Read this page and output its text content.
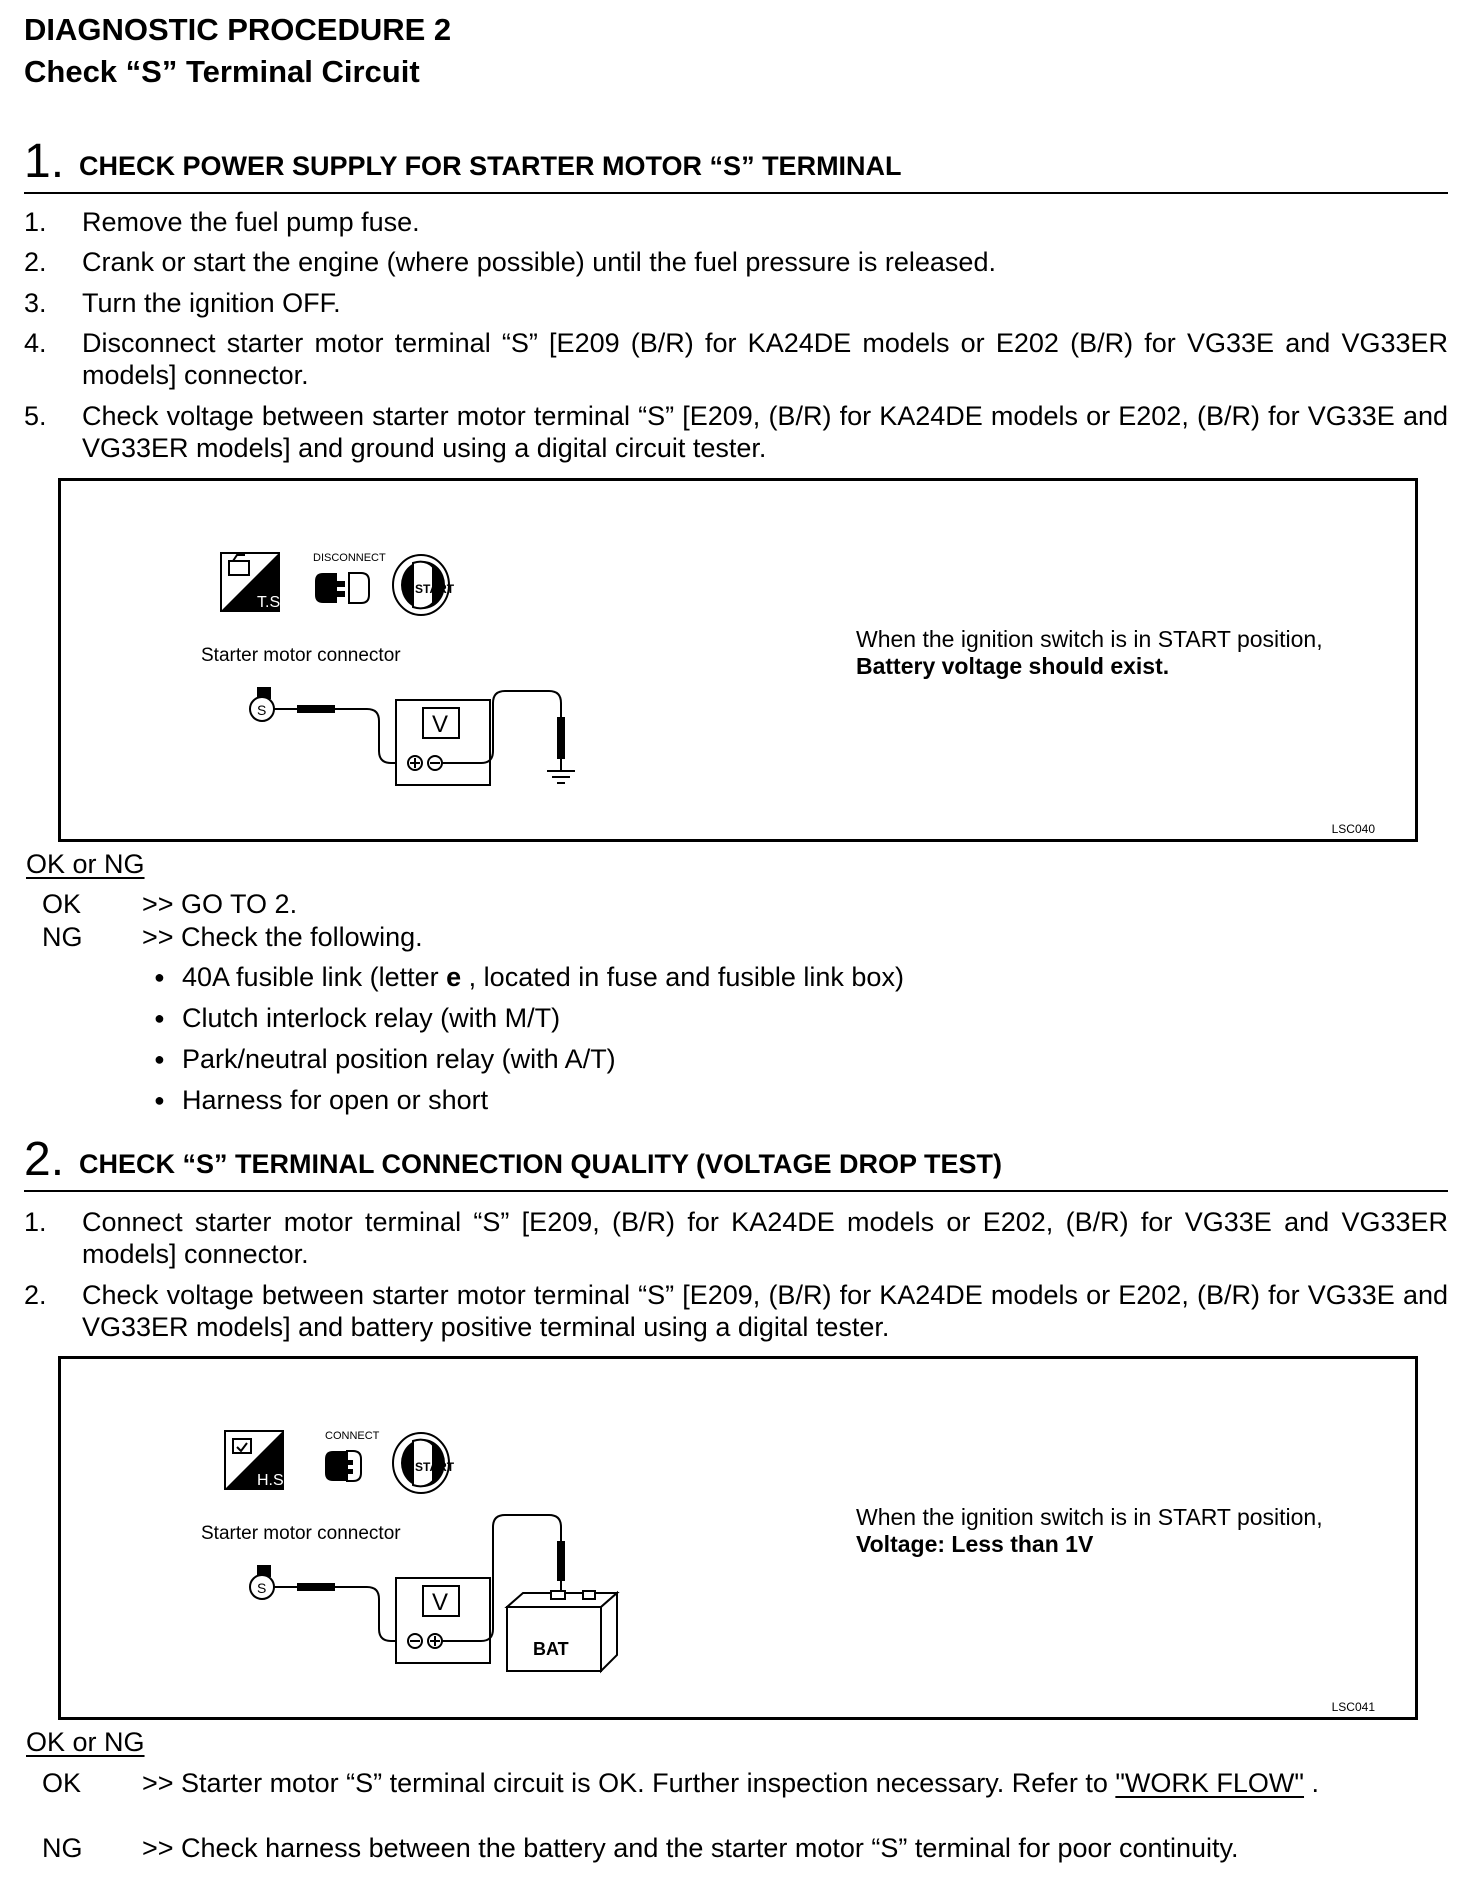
DIAGNOSTIC PROCEDURE 2
Check “S” Terminal Circuit
1. CHECK POWER SUPPLY FOR STARTER MOTOR “S” TERMINAL
1. Remove the fuel pump fuse.
2. Crank or start the engine (where possible) until the fuel pressure is released.
3. Turn the ignition OFF.
4. Disconnect starter motor terminal “S” [E209 (B/R) for KA24DE models or E202 (B/R) for VG33E and VG33ER models] connector.
5. Check voltage between starter motor terminal “S” [E209, (B/R) for KA24DE models or E202, (B/R) for VG33E and VG33ER models] and ground using a digital circuit tester.
T.S.
DISCONNECT
START
S
V
Starter motor connector
When the ignition switch is in START position,
Battery voltage should exist.
LSC040
OK or NG
OK >> GO TO 2.
NG >> Check the following.
● 40A fusible link (letter e , located in fuse and fusible link box)
● Clutch interlock relay (with M/T)
● Park/neutral position relay (with A/T)
● Harness for open or short
2. CHECK “S” TERMINAL CONNECTION QUALITY (VOLTAGE DROP TEST)
1. Connect starter motor terminal “S” [E209, (B/R) for KA24DE models or E202, (B/R) for VG33E and VG33ER models] connector.
2. Check voltage between starter motor terminal “S” [E209, (B/R) for KA24DE models or E202, (B/R) for VG33E and VG33ER models] and battery positive terminal using a digital tester.
H.S.
CONNECT
START
S
V
BAT
Starter motor connector
When the ignition switch is in START position,
Voltage: Less than 1V
LSC041
OK or NG
OK >> Starter motor “S” terminal circuit is OK. Further inspection necessary. Refer to "WORK FLOW" .
NG >> Check harness between the battery and the starter motor “S” terminal for poor continuity.
